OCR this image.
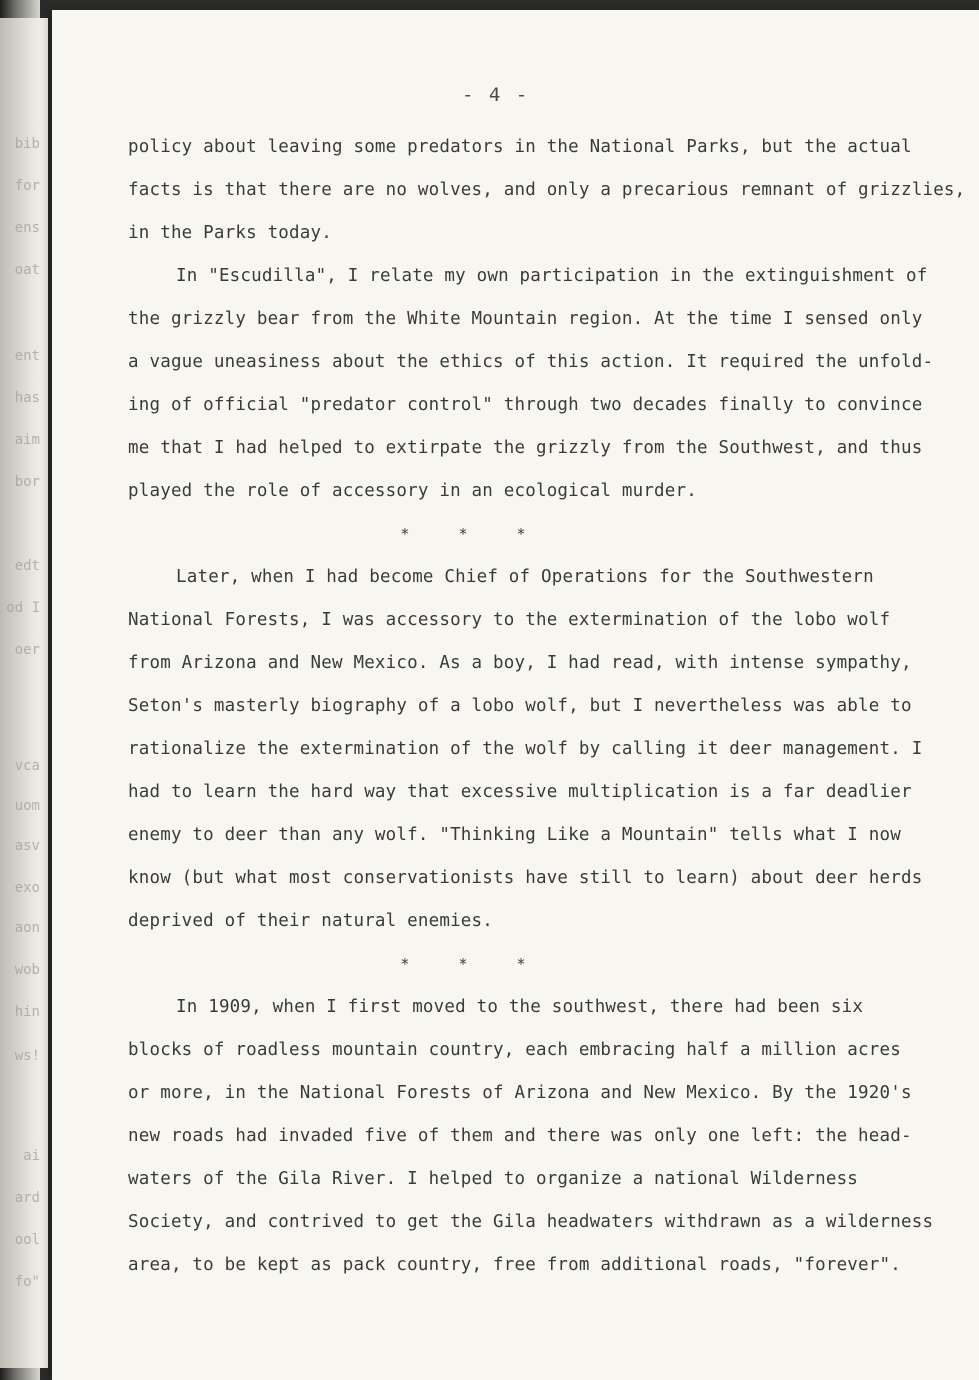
bib
for
ens
oat
ent
has
aim
bor
edt
od I
oer
vca
uom
asv
exo
aon
wob
hin
ws!
ai
ard
ool
fo"
- 4 -
policy about leaving some predators in the National Parks, but the actual
facts is that there are no wolves, and only a precarious remnant of grizzlies,
in the Parks today.
In "Escudilla", I relate my own participation in the extinguishment of
the grizzly bear from the White Mountain region. At the time I sensed only
a vague uneasiness about the ethics of this action. It required the unfold-
ing of official "predator control" through two decades finally to convince
me that I had helped to extirpate the grizzly from the Southwest, and thus
played the role of accessory in an ecological murder.
* * *
Later, when I had become Chief of Operations for the Southwestern
National Forests, I was accessory to the extermination of the lobo wolf
from Arizona and New Mexico. As a boy, I had read, with intense sympathy,
Seton's masterly biography of a lobo wolf, but I nevertheless was able to
rationalize the extermination of the wolf by calling it deer management. I
had to learn the hard way that excessive multiplication is a far deadlier
enemy to deer than any wolf. "Thinking Like a Mountain" tells what I now
know (but what most conservationists have still to learn) about deer herds
deprived of their natural enemies.
* * *
In 1909, when I first moved to the southwest, there had been six
blocks of roadless mountain country, each embracing half a million acres
or more, in the National Forests of Arizona and New Mexico. By the 1920's
new roads had invaded five of them and there was only one left: the head-
waters of the Gila River. I helped to organize a national Wilderness
Society, and contrived to get the Gila headwaters withdrawn as a wilderness
area, to be kept as pack country, free from additional roads, "forever".
